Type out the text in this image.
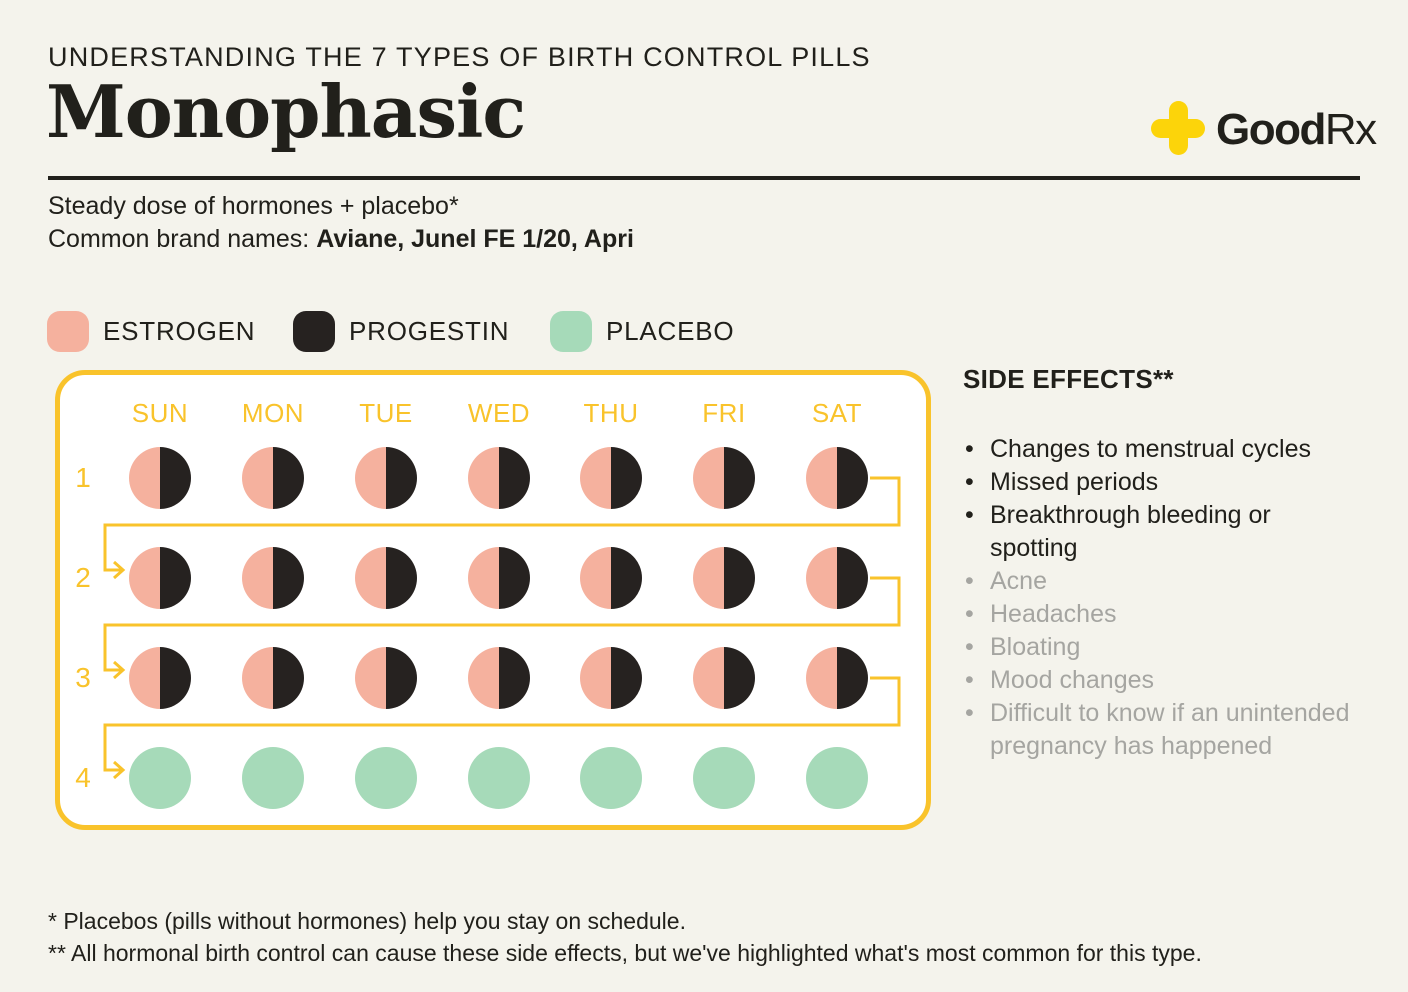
UNDERSTANDING THE 7 TYPES OF BIRTH CONTROL PILLS
Monophasic	GoodRx

Steady dose of hormones + placebo*

Common brand names: Aviane, Junel FE 1/20, Apri

ESTROGEN	PROGESTIN	PLACEBO
SUN	MON	TUE	WED	THU	FRI	SAT
1
2
3
4
SIDE EFFECTS**
• Changes to menstrual cycles
• Missed periods
• Breakthrough bleeding or spotting
• Acne
• Headaches
• Bloating
• Mood changes
• Difficult to know if an unintended pregnancy has happened

* Placebos (pills without hormones) help you stay on schedule.

** All hormonal birth control can cause these side effects, but we've highlighted what's most common for this type.
